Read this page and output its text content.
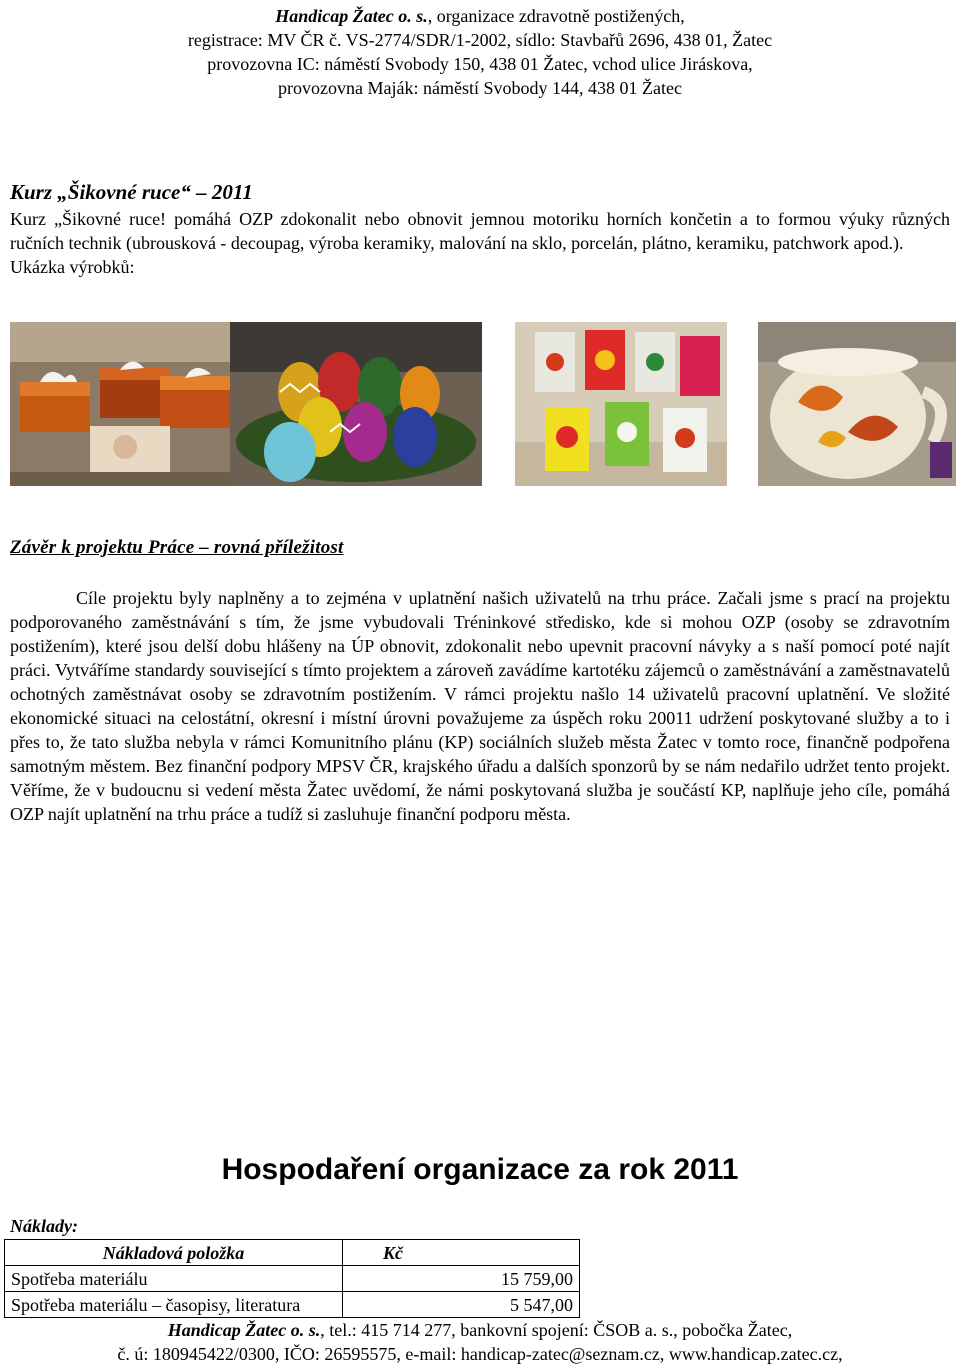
Handicap Žatec o. s., organizace zdravotně postižených,
registrace: MV ČR č. VS-2774/SDR/1-2002, sídlo: Stavbařů 2696, 438 01, Žatec
provozovna IC: náměstí Svobody 150, 438 01 Žatec, vchod ulice Jiráskova,
provozovna Maják: náměstí Svobody 144, 438 01 Žatec
Kurz „Šikovné ruce“ – 2011

Kurz „Šikovné ruce! pomáhá OZP zdokonalit nebo obnovit jemnou motoriku horních končetin a to formou výuky různých ručních technik (ubrousková - decoupag, výroba keramiky, malování na sklo, porcelán, plátno, keramiku, patchwork apod.).

Ukázka výrobků:

Závěr k projektu Práce – rovná příležitost

Cíle projektu byly naplněny a to zejména v uplatnění našich uživatelů na trhu práce. Začali jsme s prací na projektu podporovaného zaměstnávání s tím, že jsme vybudovali Tréninkové středisko, kde si mohou OZP (osoby se zdravotním postižením), které jsou delší dobu hlášeny na ÚP obnovit, zdokonalit nebo upevnit pracovní návyky a s naší pomocí poté najít práci. Vytváříme standardy související s tímto projektem a zároveň zavádíme kartotéku zájemců o zaměstnávání a zaměstnavatelů ochotných zaměstnávat osoby se zdravotním postižením. V rámci projektu našlo 14 uživatelů pracovní uplatnění. Ve složité ekonomické situaci na celostátní, okresní i místní úrovni považujeme za úspěch roku 20011 udržení poskytované služby a to i přes to, že tato služba nebyla v rámci Komunitního plánu (KP) sociálních služeb města Žatec v tomto roce, finančně podpořena samotným městem. Bez finanční podpory MPSV ČR, krajského úřadu a dalších sponzorů by se nám nedařilo udržet tento projekt. Věříme, že v budoucnu si vedení města Žatec uvědomí, že námi poskytovaná služba je součástí KP, naplňuje jeho cíle, pomáhá OZP najít uplatnění na trhu práce a tudíž si zasluhuje finanční podporu města.

Hospodaření organizace za rok 2011
Náklady:
Nákladová položka	Kč
Spotřeba materiálu	15 759,00
Spotřeba materiálu – časopisy, literatura	5 547,00
Handicap Žatec o. s., tel.: 415 714 277, bankovní spojení: ČSOB a. s., pobočka Žatec,
č. ú: 180945422/0300, IČO: 26595575, e-mail: handicap-zatec@seznam.cz, www.handicap.zatec.cz,
